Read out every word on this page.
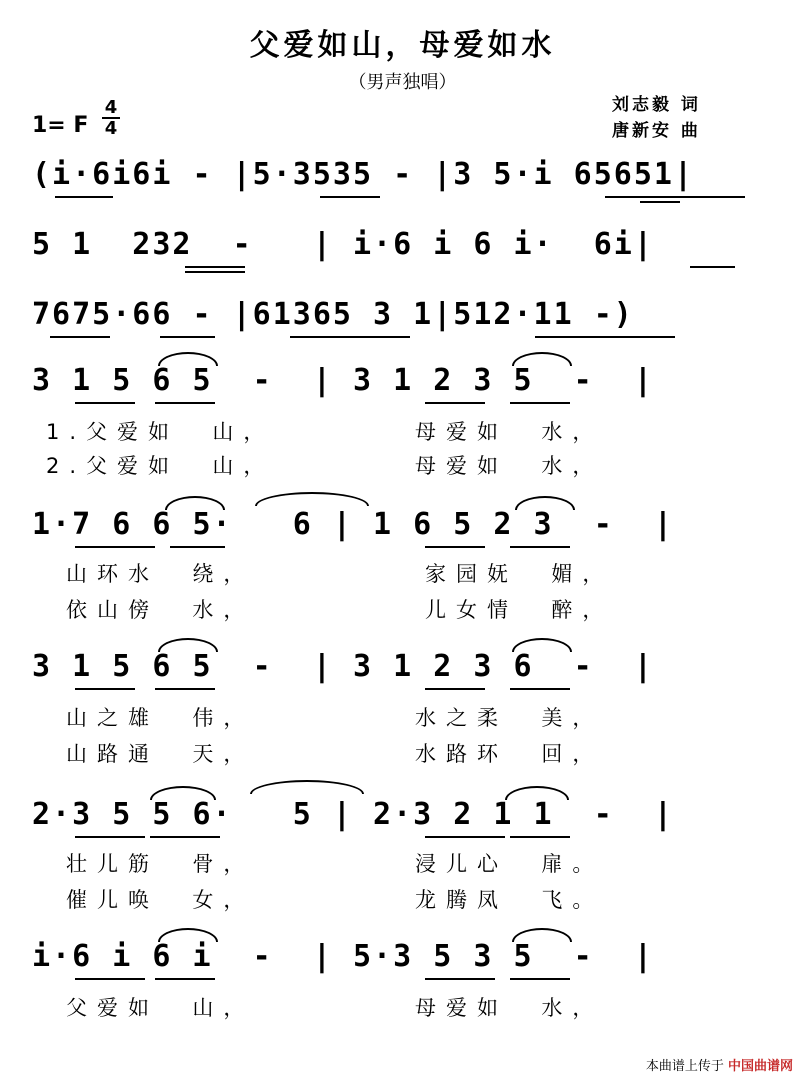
父爱如山，母爱如水
（男声独唱）
1= F
4
4
刘志毅 词
唐新安 曲
(i·6i6i - |5·3535 - |3 5·i 65651|
5 1  232  -   | i·6 i 6 i·  6i|
7675·66 - |61365 3 1|512·11 -)
3 1 5 6 5  -  | 3 1 2 3 5  -  |
1.父爱如  山，	母爱如  水，
2.父爱如  山，	母爱如  水，
1·7 6 6 5·   6 | 1 6 5 2 3  -  |
山环水  绕，	家园妩  媚，
依山傍  水，	儿女情  醉，
3 1 5 6 5  -  | 3 1 2 3 6  -  |
山之雄  伟，	水之柔  美，
山路通  天，	水路环  回，
2·3 5 5 6·   5 | 2·3 2 1 1  -  |
壮儿筋  骨，	浸儿心  扉。
催儿唤  女，	龙腾凤  飞。
i·6 i 6 i  -  | 5·3 5 3 5  -  |
父爱如  山，	母爱如  水，
本曲谱上传于 中国曲谱网
